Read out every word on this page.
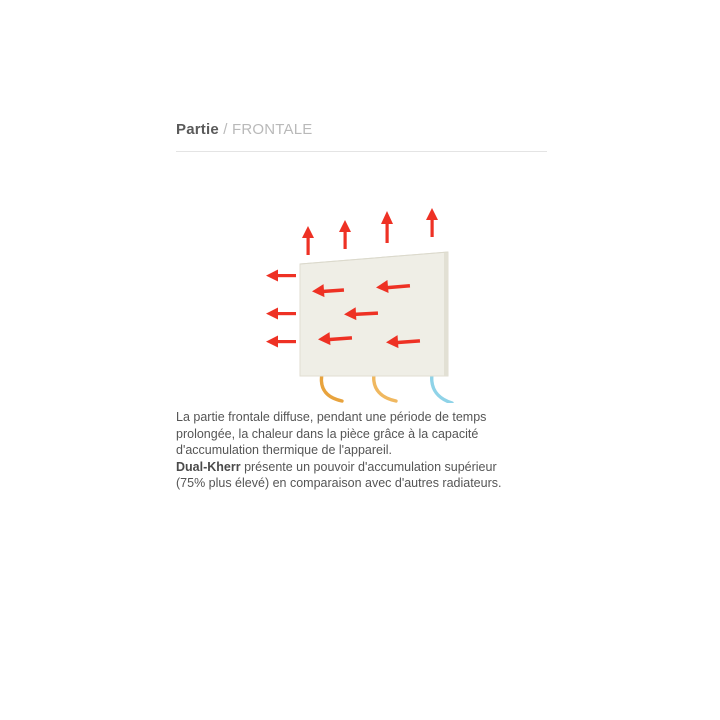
Partie / FRONTALE
La partie frontale diffuse, pendant une période de temps
prolongée, la chaleur dans la pièce grâce à la capacité
d'accumulation thermique de l'appareil.
Dual-Kherr présente un pouvoir d'accumulation supérieur
(75% plus élevé) en comparaison avec d'autres radiateurs.
